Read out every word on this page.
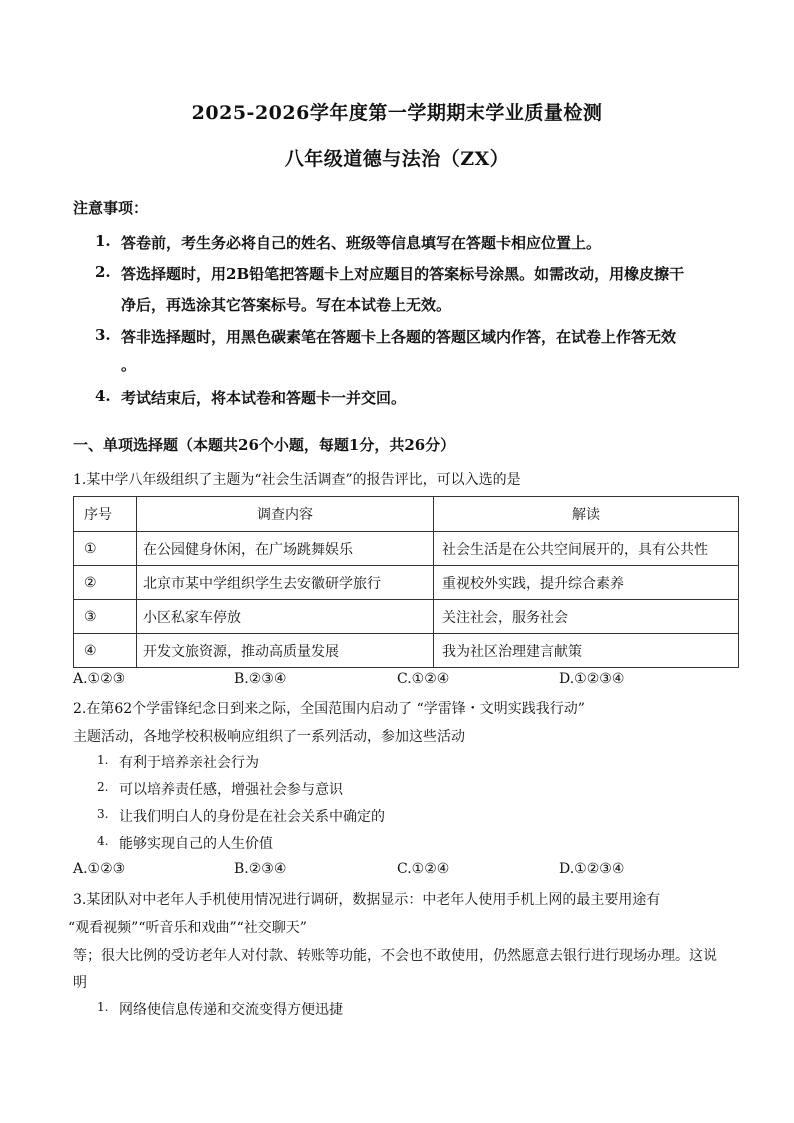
2025-2026学年度第一学期期末学业质量检测
八年级道德与法治（ZX）
注意事项：
1. 答卷前，考生务必将自己的姓名、班级等信息填写在答题卡相应位置上。
2. 答选择题时，用2B铅笔把答题卡上对应题目的答案标号涂黑。如需改动，用橡皮擦干
净后，再选涂其它答案标号。写在本试卷上无效。
3. 答非选择题时，用黑色碳素笔在答题卡上各题的答题区域内作答，在试卷上作答无效
。
4. 考试结束后，将本试卷和答题卡一并交回。
一、单项选择题（本题共26个小题，每题1分，共26分）
1.某中学八年级组织了主题为“社会生活调查”的报告评比，可以入选的是
序号	调查内容	解读
①	在公园健身休闲，在广场跳舞娱乐	社会生活是在公共空间展开的，具有公共性
②	北京市某中学组织学生去安徽研学旅行	重视校外实践，提升综合素养
③	小区私家车停放	关注社会，服务社会
④	开发文旅资源，推动高质量发展	我为社区治理建言献策
A.①②③	B.②③④	C.①②④	D.①②③④
2.在第62个学雷锋纪念日到来之际，全国范围内启动了 “学雷锋・文明实践我行动”
主题活动，各地学校积极响应组织了一系列活动，参加这些活动
1. 有利于培养亲社会行为
2. 可以培养责任感，增强社会参与意识
3. 让我们明白人的身份是在社会关系中确定的
4. 能够实现自己的人生价值
A.①②③	B.②③④	C.①②④	D.①②③④
3.某团队对中老年人手机使用情况进行调研，数据显示：中老年人使用手机上网的最主要用途有
“观看视频”“听音乐和戏曲”“社交聊天”
等；很大比例的受访老年人对付款、转账等功能，不会也不敢使用，仍然愿意去银行进行现场办理。这说
明
1. 网络使信息传递和交流变得方便迅捷
